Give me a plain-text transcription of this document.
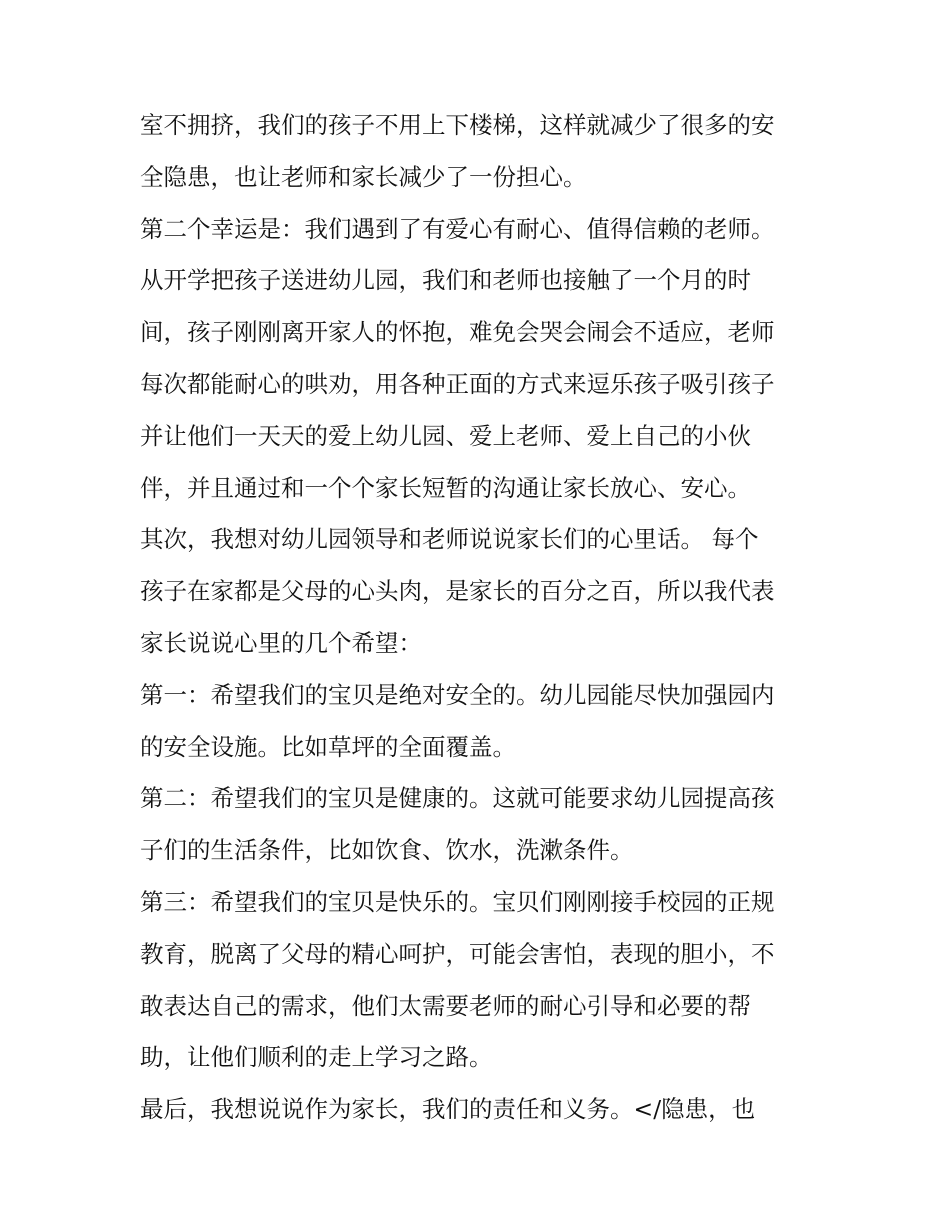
室不拥挤，我们的孩子不用上下楼梯，这样就减少了很多的安
全隐患，也让老师和家长减少了一份担心。
第二个幸运是：我们遇到了有爱心有耐心、值得信赖的老师。
从开学把孩子送进幼儿园，我们和老师也接触了一个月的时
间，孩子刚刚离开家人的怀抱，难免会哭会闹会不适应，老师
每次都能耐心的哄劝，用各种正面的方式来逗乐孩子吸引孩子
并让他们一天天的爱上幼儿园、爱上老师、爱上自己的小伙
伴，并且通过和一个个家长短暂的沟通让家长放心、安心。
其次，我想对幼儿园领导和老师说说家长们的心里话。 每个
孩子在家都是父母的心头肉，是家长的百分之百，所以我代表
家长说说心里的几个希望：
第一：希望我们的宝贝是绝对安全的。幼儿园能尽快加强园内
的安全设施。比如草坪的全面覆盖。
第二：希望我们的宝贝是健康的。这就可能要求幼儿园提高孩
子们的生活条件，比如饮食、饮水，洗漱条件。
第三：希望我们的宝贝是快乐的。宝贝们刚刚接手校园的正规
教育，脱离了父母的精心呵护，可能会害怕，表现的胆小，不
敢表达自己的需求，他们太需要老师的耐心引导和必要的帮
助，让他们顺利的走上学习之路。
最后，我想说说作为家长，我们的责任和义务。</隐患，也
